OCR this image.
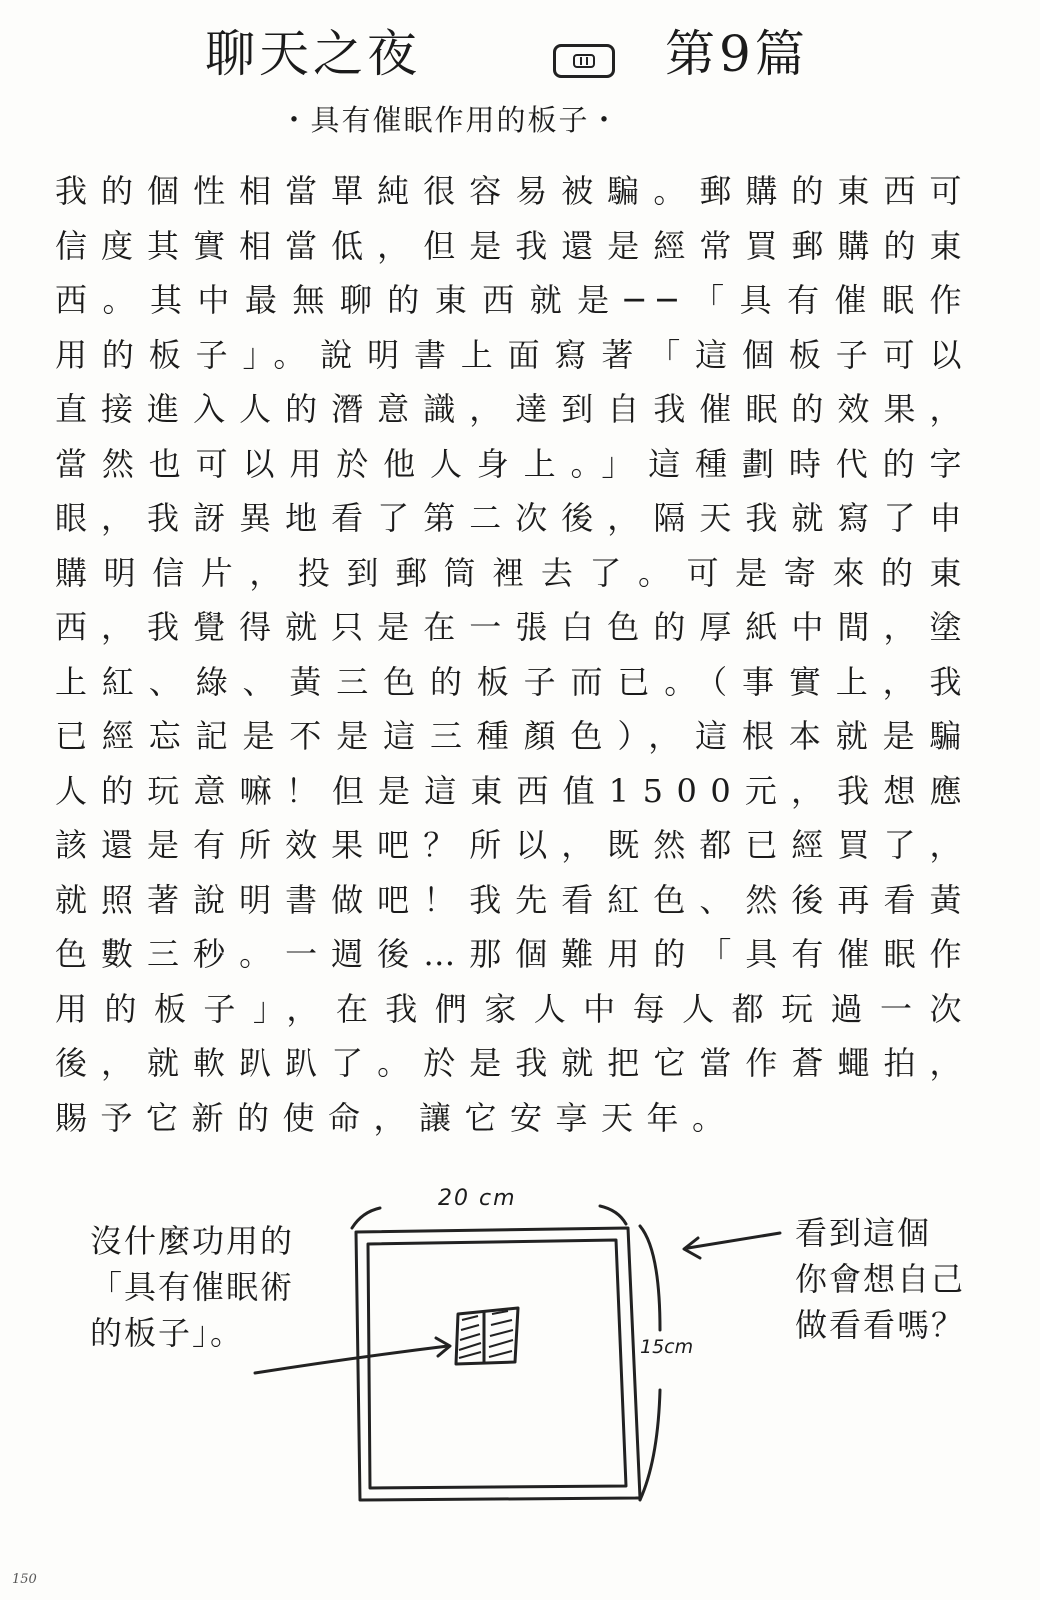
聊天之夜	第9篇
・具有催眠作用的板子・

我的個性相當單純很容易被騙。郵購的東西可信度其實相當低，但是我還是經常買郵購的東西。其中最無聊的東西就是──「具有催眠作用的板子」。說明書上面寫著「這個板子可以直接進入人的潛意識，達到自我催眠的效果，當然也可以用於他人身上。」這種劃時代的字眼，我訝異地看了第二次後，隔天我就寫了申購明信片，投到郵筒裡去了。可是寄來的東西，我覺得就只是在一張白色的厚紙中間，塗上紅、綠、黃三色的板子而已。（事實上，我已經忘記是不是這三種顏色），這根本就是騙人的玩意嘛！但是這東西值1500元，我想應該還是有所效果吧？所以，既然都已經買了，就照著說明書做吧！我先看紅色、然後再看黃色數三秒。一週後…那個難用的「具有催眠作用的板子」，在我們家人中每人都玩過一次後，就軟趴趴了。於是我就把它當作蒼蠅拍，賜予它新的使命，讓它安享天年。

20 cm
15cm
沒什麼功用的
「具有催眠術
的板子」。
看到這個
你會想自己
做看看嗎？
150
